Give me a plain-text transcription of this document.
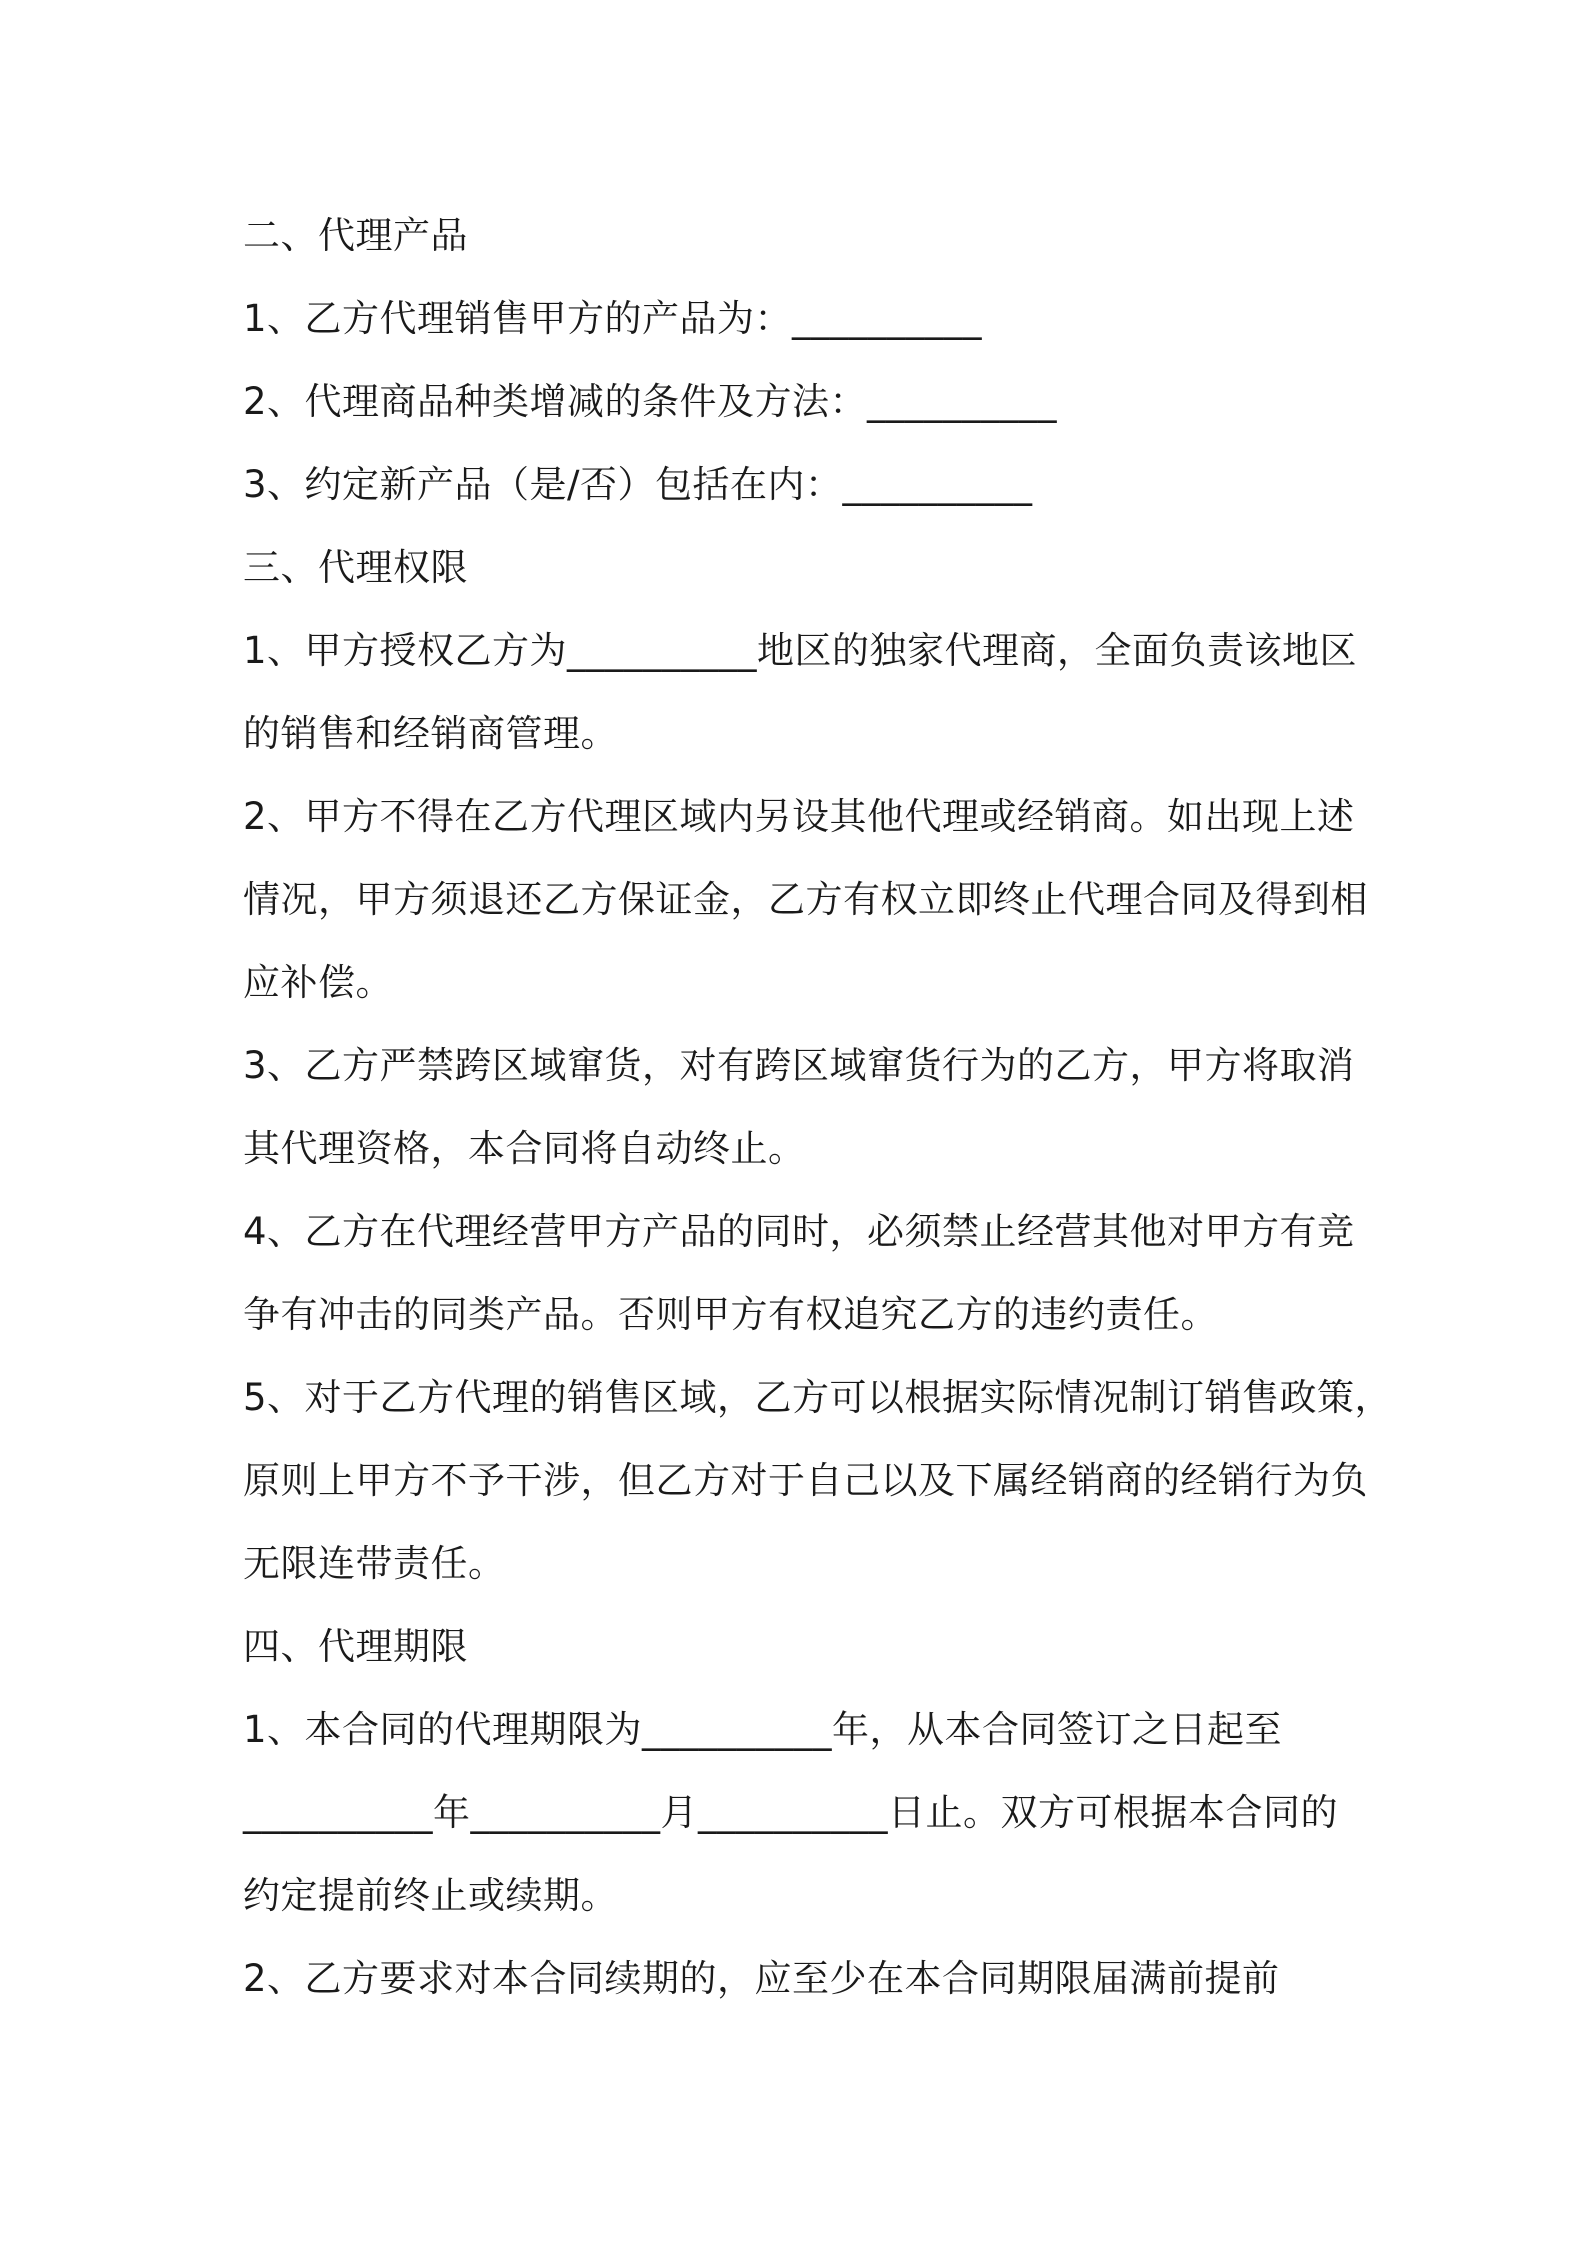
二、代理产品
1、乙方代理销售甲方的产品为：__________
2、代理商品种类增减的条件及方法：__________
3、约定新产品（是/否）包括在内：__________
三、代理权限
1、甲方授权乙方为__________地区的独家代理商，全面负责该地区
的销售和经销商管理。
2、甲方不得在乙方代理区域内另设其他代理或经销商。如出现上述
情况，甲方须退还乙方保证金，乙方有权立即终止代理合同及得到相
应补偿。
3、乙方严禁跨区域窜货，对有跨区域窜货行为的乙方，甲方将取消
其代理资格，本合同将自动终止。
4、乙方在代理经营甲方产品的同时，必须禁止经营其他对甲方有竞
争有冲击的同类产品。否则甲方有权追究乙方的违约责任。
5、对于乙方代理的销售区域，乙方可以根据实际情况制订销售政策，
原则上甲方不予干涉，但乙方对于自己以及下属经销商的经销行为负
无限连带责任。
四、代理期限
1、本合同的代理期限为__________年，从本合同签订之日起至
__________年__________月__________日止。双方可根据本合同的
约定提前终止或续期。
2、乙方要求对本合同续期的，应至少在本合同期限届满前提前
